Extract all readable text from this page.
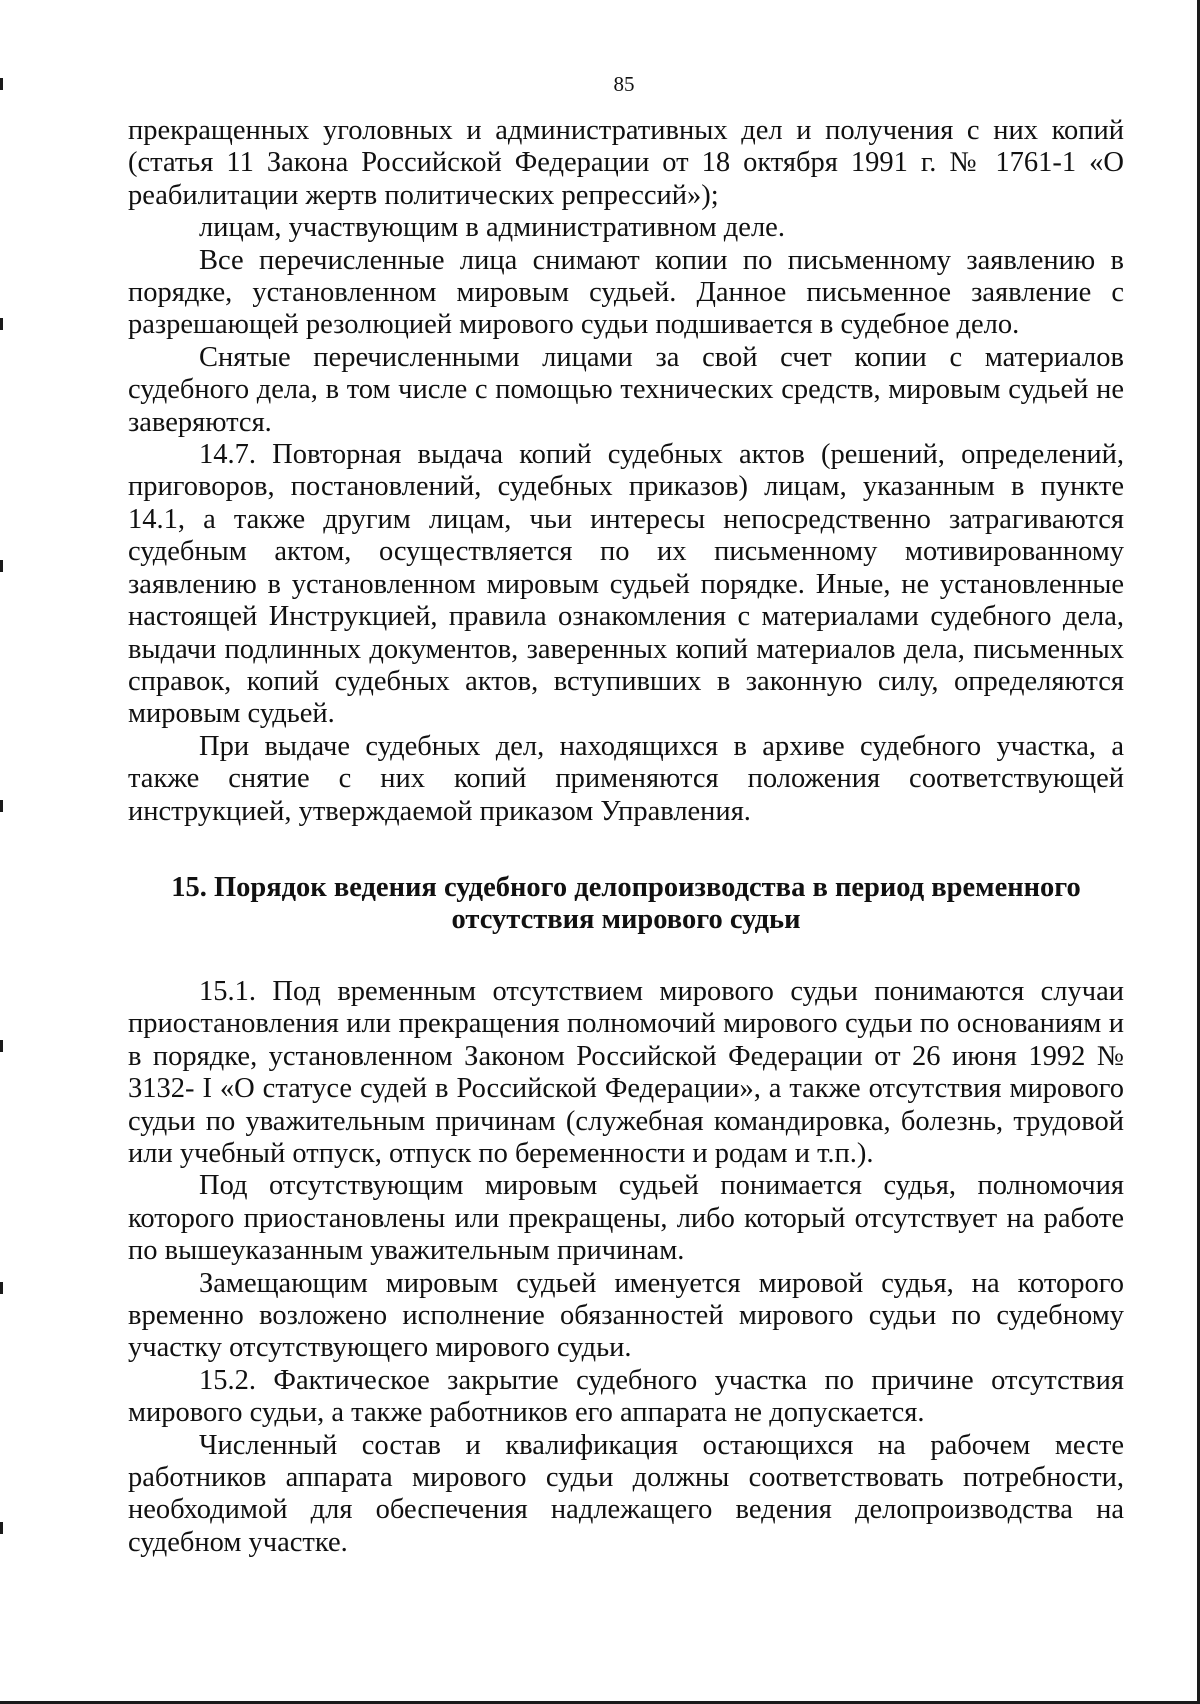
85

прекращенных уголовных и административных дел и получения с них копий (статья 11 Закона Российской Федерации от 18 октября 1991 г. № 1761-1 «О реабилитации жертв политических репрессий»);

лицам, участвующим в административном деле.

Все перечисленные лица снимают копии по письменному заявлению в порядке, установленном мировым судьей. Данное письменное заявление с разрешающей резолюцией мирового судьи подшивается в судебное дело.

Снятые перечисленными лицами за свой счет копии с материалов судебного дела, в том числе с помощью технических средств, мировым судьей не заверяются.

14.7. Повторная выдача копий судебных актов (решений, определений, приговоров, постановлений, судебных приказов) лицам, указанным в пункте 14.1, а также другим лицам, чьи интересы непосредственно затрагиваются судебным актом, осуществляется по их письменному мотивированному заявлению в установленном мировым судьей порядке. Иные, не установленные настоящей Инструкцией, правила ознакомления с материалами судебного дела, выдачи подлинных документов, заверенных копий материалов дела, письменных справок, копий судебных актов, вступивших в законную силу, определяются мировым судьей.

При выдаче судебных дел, находящихся в архиве судебного участка, а также снятие с них копий применяются положения соответствующей инструкцией, утверждаемой приказом Управления.

15. Порядок ведения судебного делопроизводства в период временного
отсутствия мирового судьи

15.1. Под временным отсутствием мирового судьи понимаются случаи приостановления или прекращения полномочий мирового судьи по основаниям и в порядке, установленном Законом Российской Федерации от 26 июня 1992 № 3132- I «О статусе судей в Российской Федерации», а также отсутствия мирового судьи по уважительным причинам (служебная командировка, болезнь, трудовой или учебный отпуск, отпуск по беременности и родам и т.п.).

Под отсутствующим мировым судьей понимается судья, полномочия которого приостановлены или прекращены, либо который отсутствует на работе по вышеуказанным уважительным причинам.

Замещающим мировым судьей именуется мировой судья, на которого временно возложено исполнение обязанностей мирового судьи по судебному участку отсутствующего мирового судьи.

15.2. Фактическое закрытие судебного участка по причине отсутствия мирового судьи, а также работников его аппарата не допускается.

Численный состав и квалификация остающихся на рабочем месте работников аппарата мирового судьи должны соответствовать потребности, необходимой для обеспечения надлежащего ведения делопроизводства на судебном участке.
